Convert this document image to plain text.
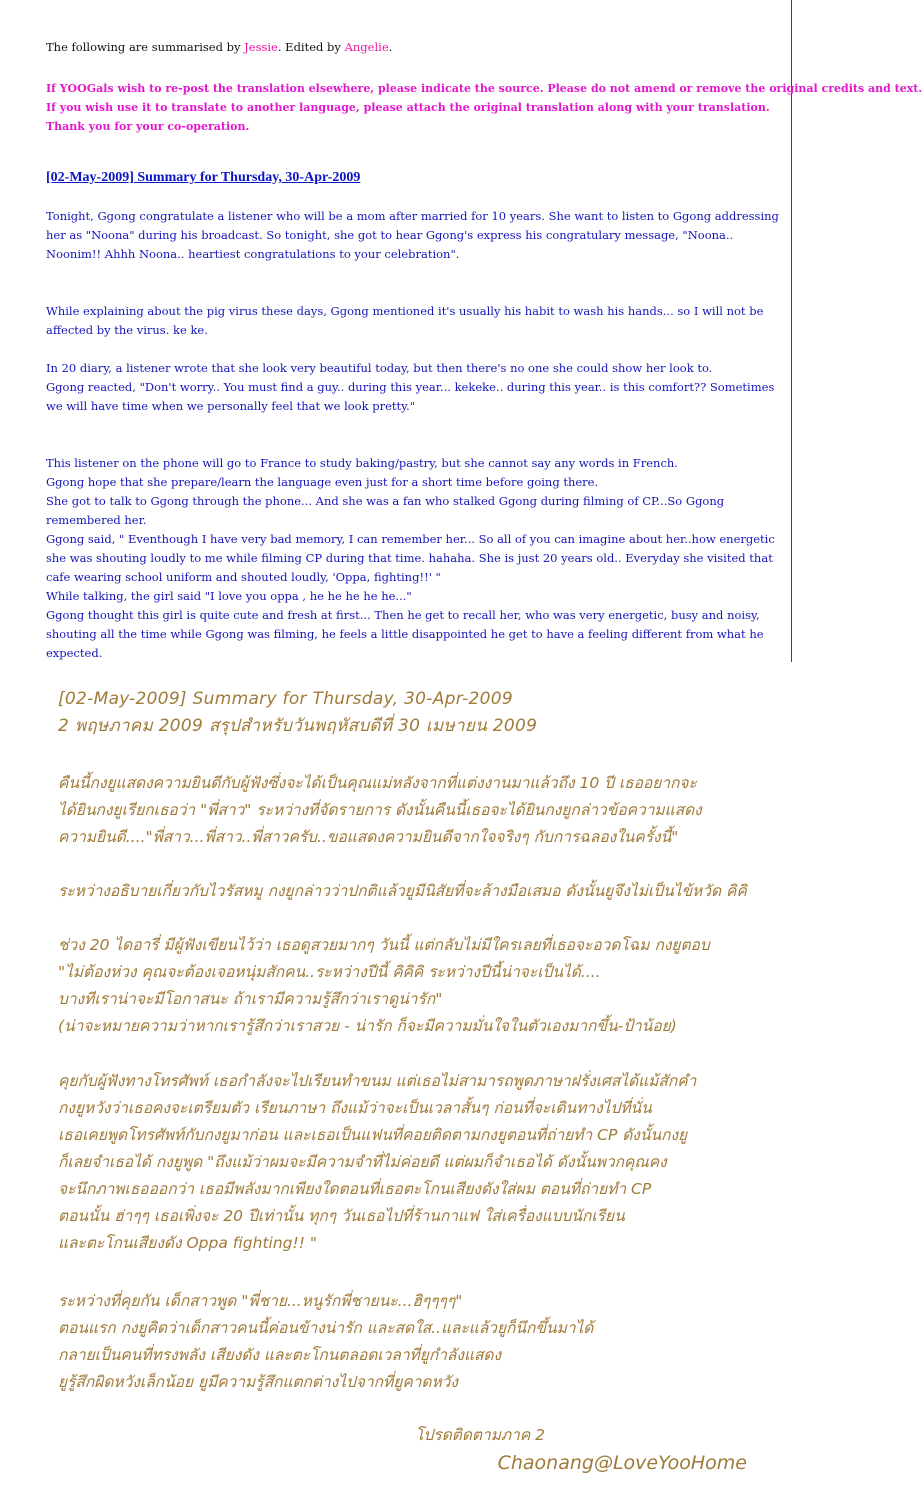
The following are summarised by Jessie. Edited by Angelie.

If YOOGals wish to re-post the translation elsewhere, please indicate the source. Please do not amend or remove the original credits and text.

If you wish use it to translate to another language, please attach the original translation along with your translation.

Thank you for your co-operation.

[02-May-2009] Summary for Thursday, 30-Apr-2009

Tonight, Ggong congratulate a listener who will be a mom after married for 10 years. She want to listen to Ggong addressing her as "Noona" during his broadcast. So tonight, she got to hear Ggong's express his congratulary message, "Noona.. Noonim!! Ahhh Noona.. heartiest congratulations to your celebration".

While explaining about the pig virus these days, Ggong mentioned it's usually his habit to wash his hands... so I will not be affected by the virus. ke ke.

In 20 diary, a listener wrote that she look very beautiful today, but then there's no one she could show her look to.

Ggong reacted, "Don't worry.. You must find a guy.. during this year... kekeke.. during this year.. is this comfort?? Sometimes we will have time when we personally feel that we look pretty."

This listener on the phone will go to France to study baking/pastry, but she cannot say any words in French.

Ggong hope that she prepare/learn the language even just for a short time before going there.

She got to talk to Ggong through the phone... And she was a fan who stalked Ggong during filming of CP...So Ggong remembered her.

Ggong said, " Eventhough I have very bad memory, I can remember her... So all of you can imagine about her..how energetic she was shouting loudly to me while filming CP during that time. hahaha. She is just 20 years old.. Everyday she visited that cafe wearing school uniform and shouted loudly, 'Oppa, fighting!!' "

While talking, the girl said "I love you oppa , he he he he he..."

Ggong thought this girl is quite cute and fresh at first... Then he get to recall her, who was very energetic, busy and noisy, shouting all the time while Ggong was filming, he feels a little disappointed he get to have a feeling different from what he expected.

[02-May-2009] Summary for Thursday, 30-Apr-2009

2 พฤษภาคม 2009 สรุปสำหรับวันพฤหัสบดีที่ 30 เมษายน 2009

คืนนี้กงยูแสดงความยินดีกับผู้ฟังซึ่งจะได้เป็นคุณแม่หลังจากที่แต่งงานมาแล้วถึง 10 ปี เธออยากจะ

ได้ยินกงยูเรียกเธอว่า "พี่สาว" ระหว่างที่จัดรายการ ดังนั้นคืนนี้เธอจะได้ยินกงยูกล่าวข้อความแสดง

ความยินดี...."พี่สาว...พี่สาว..พี่สาวครับ..ขอแสดงความยินดีจากใจจริงๆ กับการฉลองในครั้งนี้"

ระหว่างอธิบายเกี่ยวกับไวรัสหมู กงยูกล่าวว่าปกติแล้วยูมีนิสัยที่จะล้างมือเสมอ ดังนั้นยูจึงไม่เป็นไข้หวัด คิคิ

ช่วง 20 ไดอารี่ มีผู้ฟังเขียนไว้ว่า เธอดูสวยมากๆ วันนี้ แต่กลับไม่มีใครเลยที่เธอจะอวดโฉม กงยูตอบ

"ไม่ต้องห่วง คุณจะต้องเจอหนุ่มสักคน..ระหว่างปีนี้ คิคิคิ ระหว่างปีนี้น่าจะเป็นได้....

บางทีเราน่าจะมีโอกาสนะ ถ้าเรามีความรู้สึกว่าเราดูน่ารัก"

(น่าจะหมายความว่าหากเรารู้สึกว่าเราสวย - น่ารัก ก็จะมีความมั่นใจในตัวเองมากขึ้น-ป้าน้อย)

คุยกับผู้ฟังทางโทรศัพท์ เธอกำลังจะไปเรียนทำขนม แต่เธอไม่สามารถพูดภาษาฝรั่งเศสได้แม้สักคำ

กงยูหวังว่าเธอคงจะเตรียมตัว เรียนภาษา ถึงแม้ว่าจะเป็นเวลาสั้นๆ ก่อนที่จะเดินทางไปที่นั่น

เธอเคยพูดโทรศัพท์กับกงยูมาก่อน และเธอเป็นแฟนที่คอยติดตามกงยูตอนที่ถ่ายทำ CP ดังนั้นกงยู

ก็เลยจำเธอได้ กงยูพูด "ถึงแม้ว่าผมจะมีความจำที่ไม่ค่อยดี แต่ผมก็จำเธอได้ ดังนั้นพวกคุณคง

จะนึกภาพเธอออกว่า เธอมีพลังมากเพียงใดตอนที่เธอตะโกนเสียงดังใส่ผม ตอนที่ถ่ายทำ CP

ตอนนั้น ฮ่าๆๆ เธอเพิ่งจะ 20 ปีเท่านั้น ทุกๆ วันเธอไปที่ร้านกาแฟ ใส่เครื่องแบบนักเรียน

และตะโกนเสียงดัง Oppa fighting!! "

ระหว่างที่คุยกัน เด็กสาวพูด "พี่ชาย...หนูรักพี่ชายนะ...ฮิๆๆๆๆ"

ตอนแรก กงยูคิดว่าเด็กสาวคนนี้ค่อนข้างน่ารัก และสดใส..และแล้วยูก็นึกขึ้นมาได้

กลายเป็นคนที่ทรงพลัง เสียงดัง และตะโกนตลอดเวลาที่ยูกำลังแสดง

ยูรู้สึกผิดหวังเล็กน้อย ยูมีความรู้สึกแตกต่างไปจากที่ยูคาดหวัง

โปรดติดตามภาค 2
Chaonang@LoveYooHome
